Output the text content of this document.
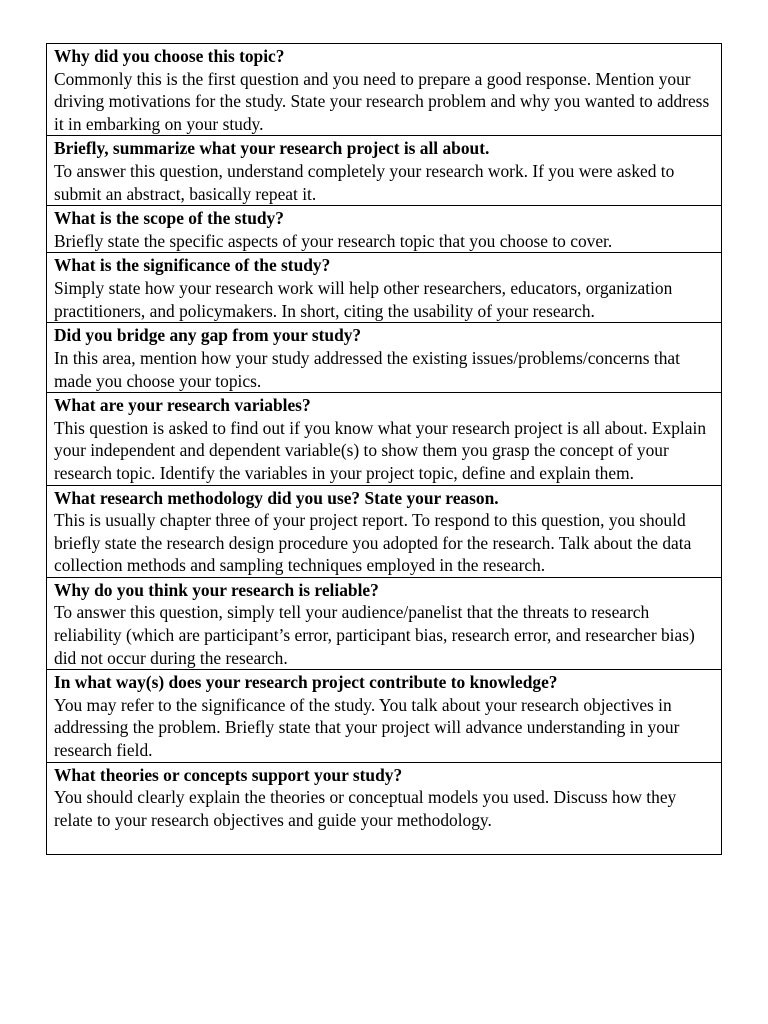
Why did you choose this topic?
Commonly this is the first question and you need to prepare a good response. Mention your driving motivations for the study. State your research problem and why you wanted to address it in embarking on your study.

Briefly, summarize what your research project is all about.
To answer this question, understand completely your research work. If you were asked to submit an abstract, basically repeat it.

What is the scope of the study?
Briefly state the specific aspects of your research topic that you choose to cover.

What is the significance of the study?
Simply state how your research work will help other researchers, educators, organization practitioners, and policymakers. In short, citing the usability of your research.

Did you bridge any gap from your study?
In this area, mention how your study addressed the existing issues/problems/concerns that made you choose your topics.

What are your research variables?
This question is asked to find out if you know what your research project is all about. Explain your independent and dependent variable(s) to show them you grasp the concept of your research topic. Identify the variables in your project topic, define and explain them.

What research methodology did you use? State your reason.
This is usually chapter three of your project report. To respond to this question, you should briefly state the research design procedure you adopted for the research. Talk about the data collection methods and sampling techniques employed in the research.

Why do you think your research is reliable?
To answer this question, simply tell your audience/panelist that the threats to research reliability (which are participant’s error, participant bias, research error, and researcher bias) did not occur during the research.

In what way(s) does your research project contribute to knowledge?
You may refer to the significance of the study. You talk about your research objectives in addressing the problem. Briefly state that your project will advance understanding in your research field.

What theories or concepts support your study?
You should clearly explain the theories or conceptual models you used. Discuss how they relate to your research objectives and guide your methodology.
